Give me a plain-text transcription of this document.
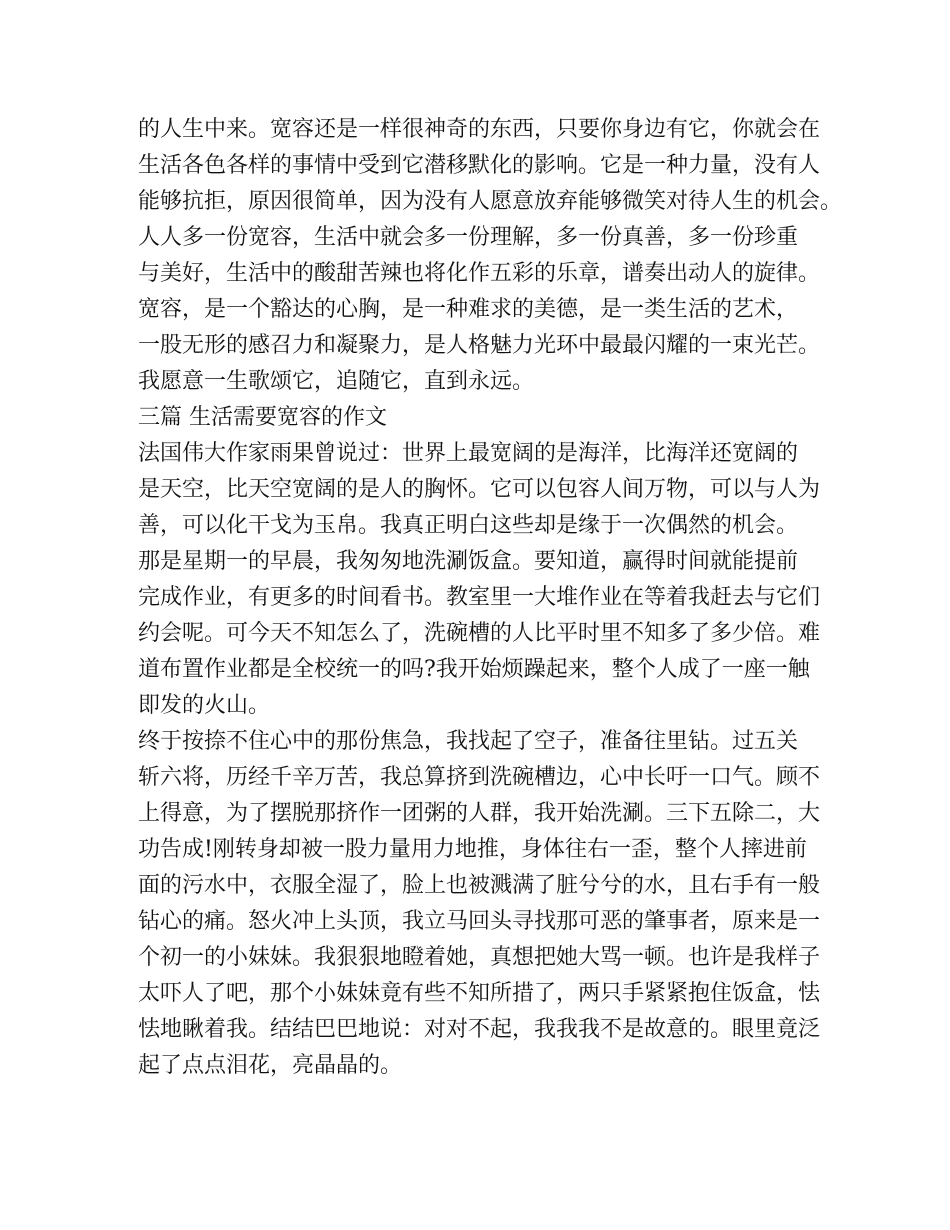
的人生中来。宽容还是一样很神奇的东西，只要你身边有它，你就会在
生活各色各样的事情中受到它潜移默化的影响。它是一种力量，没有人
能够抗拒，原因很简单，因为没有人愿意放弃能够微笑对待人生的机会。
人人多一份宽容，生活中就会多一份理解，多一份真善，多一份珍重
与美好，生活中的酸甜苦辣也将化作五彩的乐章，谱奏出动人的旋律。
宽容，是一个豁达的心胸，是一种难求的美德，是一类生活的艺术，
一股无形的感召力和凝聚力，是人格魅力光环中最最闪耀的一束光芒。
我愿意一生歌颂它，追随它，直到永远。
三篇 生活需要宽容的作文
法国伟大作家雨果曾说过：世界上最宽阔的是海洋，比海洋还宽阔的
是天空，比天空宽阔的是人的胸怀。它可以包容人间万物，可以与人为
善，可以化干戈为玉帛。我真正明白这些却是缘于一次偶然的机会。
那是星期一的早晨，我匆匆地洗涮饭盒。要知道，赢得时间就能提前
完成作业，有更多的时间看书。教室里一大堆作业在等着我赶去与它们
约会呢。可今天不知怎么了，洗碗槽的人比平时里不知多了多少倍。难
道布置作业都是全校统一的吗?我开始烦躁起来，整个人成了一座一触
即发的火山。
终于按捺不住心中的那份焦急，我找起了空子，准备往里钻。过五关
斩六将，历经千辛万苦，我总算挤到洗碗槽边，心中长吁一口气。顾不
上得意，为了摆脱那挤作一团粥的人群，我开始洗涮。三下五除二，大
功告成!刚转身却被一股力量用力地推，身体往右一歪，整个人摔进前
面的污水中，衣服全湿了，脸上也被溅满了脏兮兮的水，且右手有一般
钻心的痛。怒火冲上头顶，我立马回头寻找那可恶的肇事者，原来是一
个初一的小妹妹。我狠狠地瞪着她，真想把她大骂一顿。也许是我样子
太吓人了吧，那个小妹妹竟有些不知所措了，两只手紧紧抱住饭盒，怯
怯地瞅着我。结结巴巴地说：对对不起，我我我不是故意的。眼里竟泛
起了点点泪花，亮晶晶的。
